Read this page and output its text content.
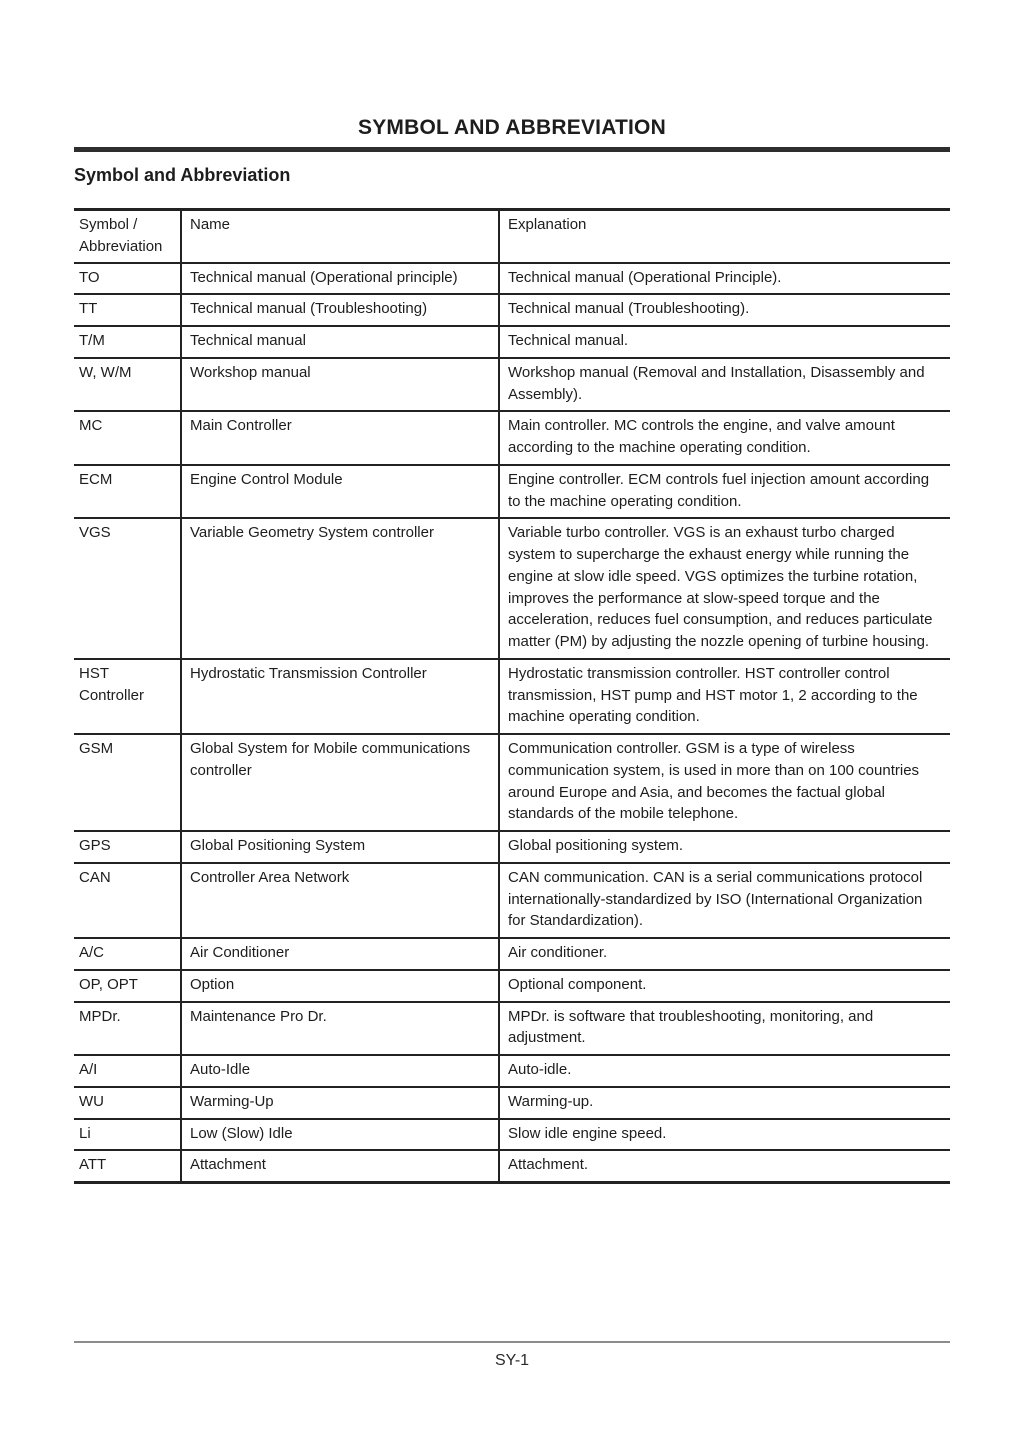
SYMBOL AND ABBREVIATION
Symbol and Abbreviation
Symbol / Abbreviation	Name	Explanation
TO	Technical manual (Operational principle)	Technical manual (Operational Principle).
TT	Technical manual (Troubleshooting)	Technical manual (Troubleshooting).
T/M	Technical manual	Technical manual.
W, W/M	Workshop manual	Workshop manual (Removal and Installation, Disassembly and Assembly).
MC	Main Controller	Main controller. MC controls the engine, and valve amount according to the machine operating condition.
ECM	Engine Control Module	Engine controller. ECM controls fuel injection amount according to the machine operating condition.
VGS	Variable Geometry System controller	Variable turbo controller. VGS is an exhaust turbo charged system to supercharge the exhaust energy while running the engine at slow idle speed. VGS optimizes the turbine rotation, improves the performance at slow-speed torque and the acceleration, reduces fuel consumption, and reduces particulate matter (PM) by adjusting the nozzle opening of turbine housing.
HST Controller	Hydrostatic Transmission Controller	Hydrostatic transmission controller. HST controller control transmission, HST pump and HST motor 1, 2 according to the machine operating condition.
GSM	Global System for Mobile communications controller	Communication controller. GSM is a type of wireless communication system, is used in more than on 100 countries around Europe and Asia, and becomes the factual global standards of the mobile telephone.
GPS	Global Positioning System	Global positioning system.
CAN	Controller Area Network	CAN communication. CAN is a serial communications protocol internationally-standardized by ISO (International Organization for Standardization).
A/C	Air Conditioner	Air conditioner.
OP, OPT	Option	Optional component.
MPDr.	Maintenance Pro Dr.	MPDr. is software that troubleshooting, monitoring, and adjustment.
A/I	Auto-Idle	Auto-idle.
WU	Warming-Up	Warming-up.
Li	Low (Slow) Idle	Slow idle engine speed.
ATT	Attachment	Attachment.
SY-1
